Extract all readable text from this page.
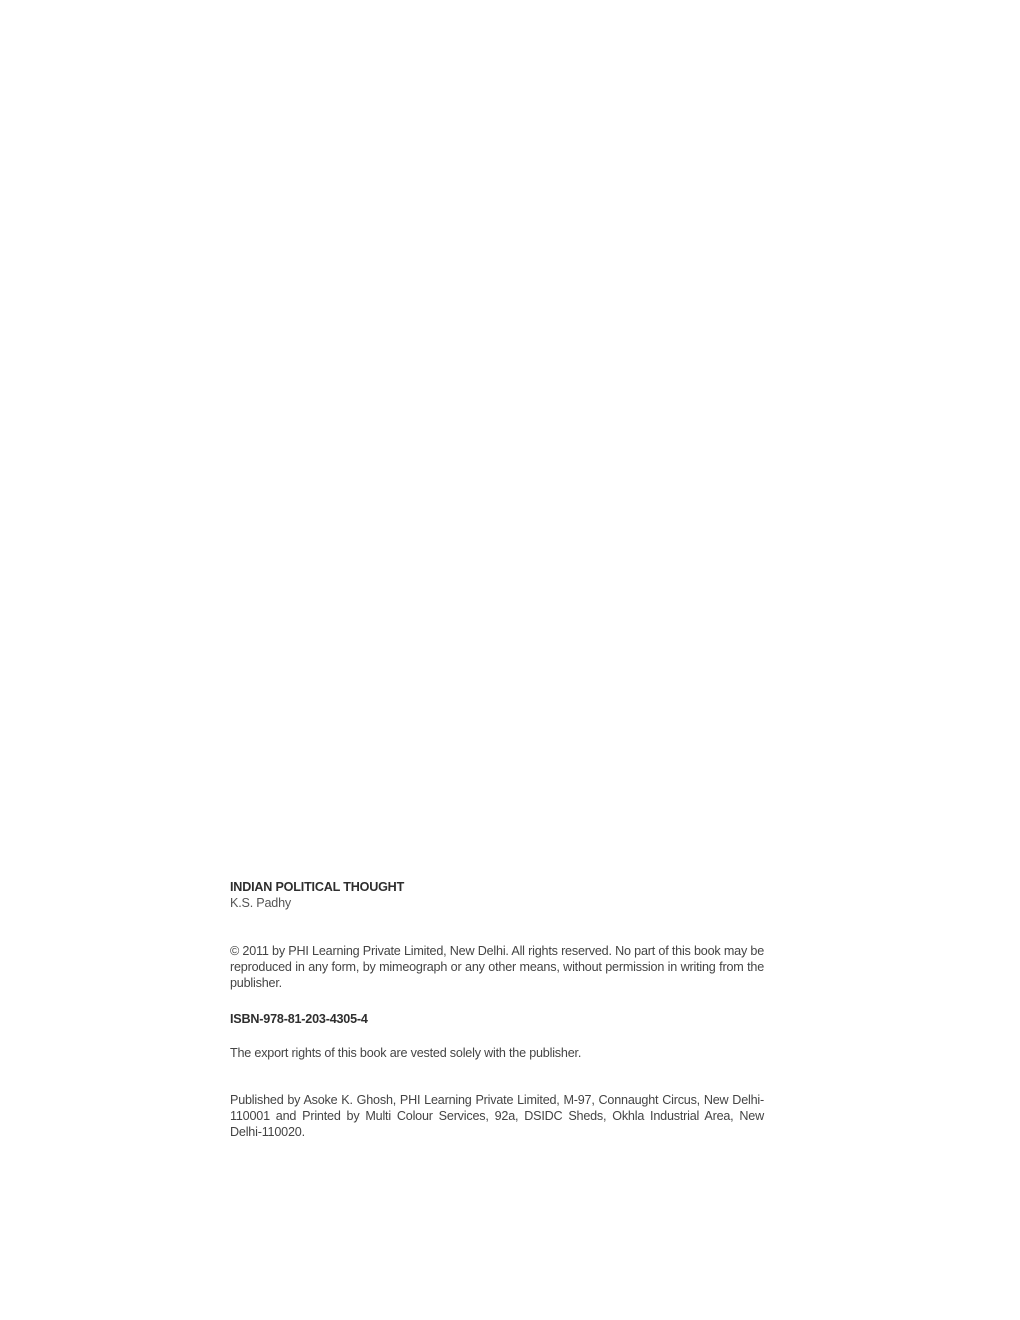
INDIAN POLITICAL THOUGHT

K.S. Padhy

© 2011 by PHI Learning Private Limited, New Delhi. All rights reserved. No part of this book may be reproduced in any form, by mimeograph or any other means, without permission in writing from the publisher.

ISBN-978-81-203-4305-4

The export rights of this book are vested solely with the publisher.

Published by Asoke K. Ghosh, PHI Learning Private Limited, M-97, Connaught Circus, New Delhi-110001 and Printed by Multi Colour Services, 92a, DSIDC Sheds, Okhla Industrial Area, New Delhi-110020.
